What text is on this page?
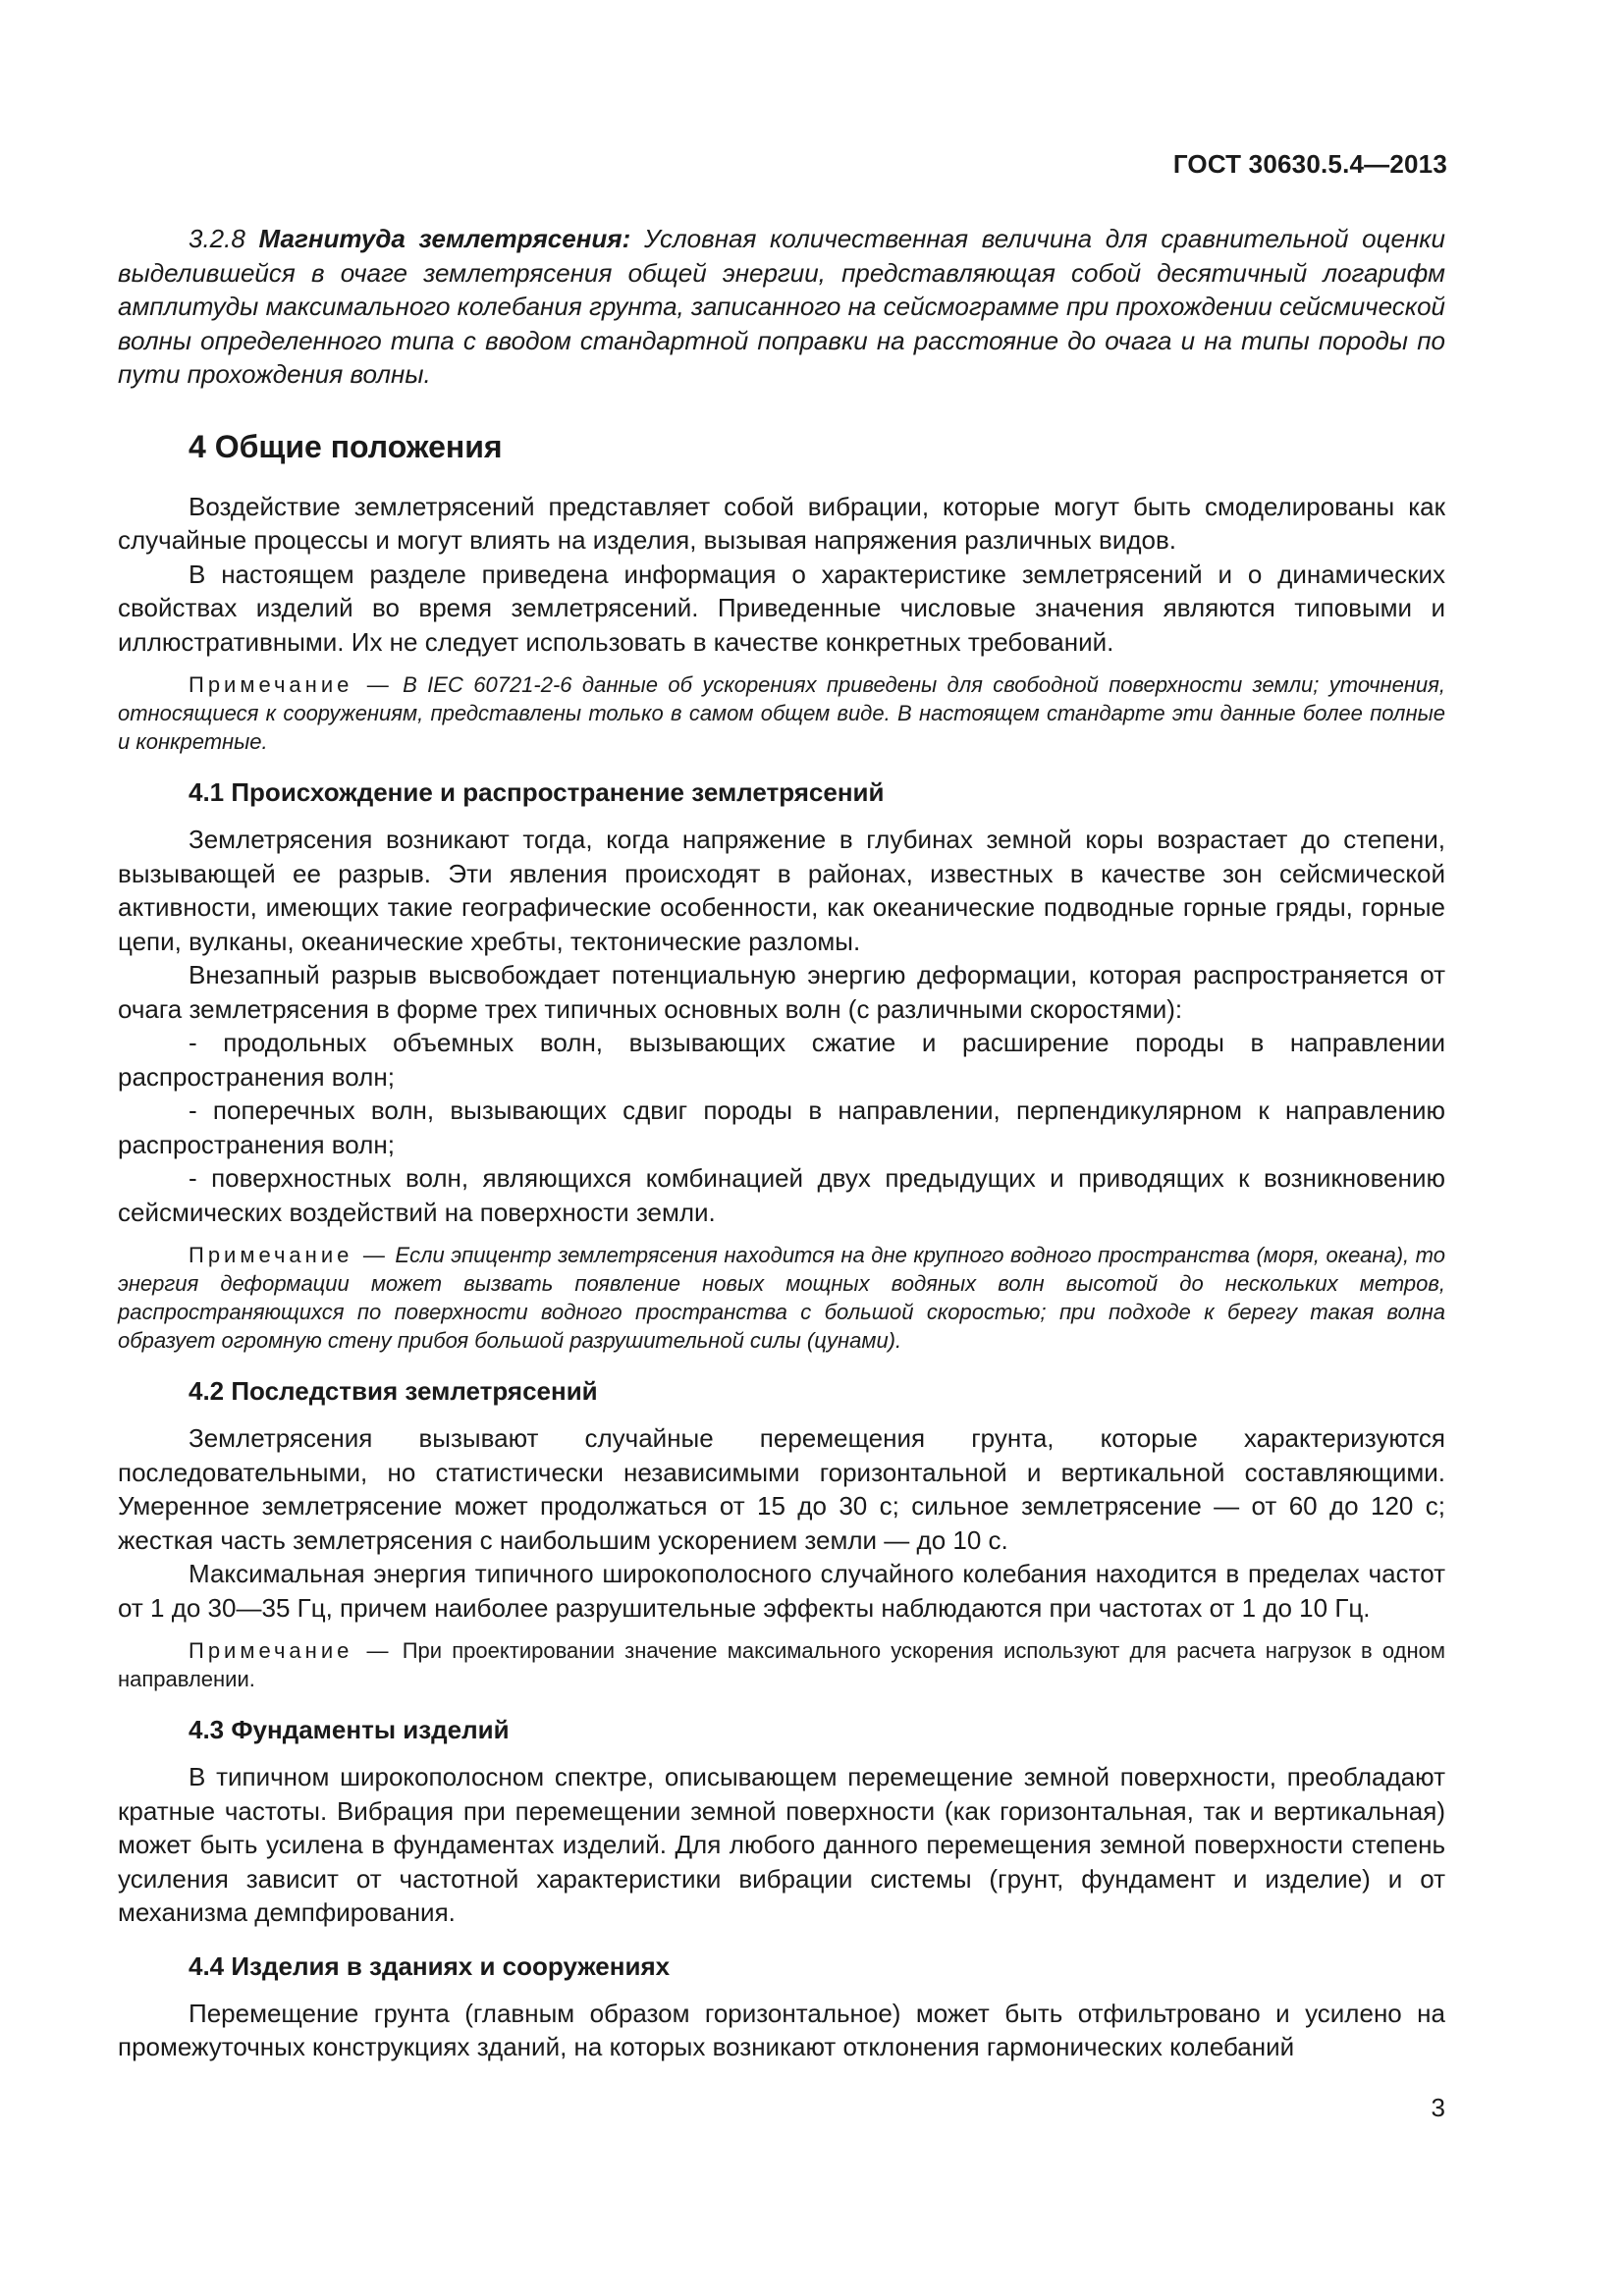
ГОСТ 30630.5.4—2013

3.2.8 Магнитуда землетрясения: Условная количественная величина для сравнительной оценки выделившейся в очаге землетрясения общей энергии, представляющая собой десятичный логарифм амплитуды максимального колебания грунта, записанного на сейсмограмме при прохождении сейсмической волны определенного типа с вводом стандартной поправки на расстояние до очага и на типы породы по пути прохождения волны.

4 Общие положения

Воздействие землетрясений представляет собой вибрации, которые могут быть смоделированы как случайные процессы и могут влиять на изделия, вызывая напряжения различных видов.

В настоящем разделе приведена информация о характеристике землетрясений и о динамических свойствах изделий во время землетрясений. Приведенные числовые значения являются типовыми и иллюстративными. Их не следует использовать в качестве конкретных требований.

Примечание — В IEC 60721-2-6 данные об ускорениях приведены для свободной поверхности земли; уточнения, относящиеся к сооружениям, представлены только в самом общем виде. В настоящем стандарте эти данные более полные и конкретные.

4.1 Происхождение и распространение землетрясений

Землетрясения возникают тогда, когда напряжение в глубинах земной коры возрастает до степени, вызывающей ее разрыв. Эти явления происходят в районах, известных в качестве зон сейсмической активности, имеющих такие географические особенности, как океанические подводные горные гряды, горные цепи, вулканы, океанические хребты, тектонические разломы.

Внезапный разрыв высвобождает потенциальную энергию деформации, которая распространяется от очага землетрясения в форме трех типичных основных волн (с различными скоростями):

- продольных объемных волн, вызывающих сжатие и расширение породы в направлении распространения волн;

- поперечных волн, вызывающих сдвиг породы в направлении, перпендикулярном к направлению распространения волн;

- поверхностных волн, являющихся комбинацией двух предыдущих и приводящих к возникновению сейсмических воздействий на поверхности земли.

Примечание — Если эпицентр землетрясения находится на дне крупного водного пространства (моря, океана), то энергия деформации может вызвать появление новых мощных водяных волн высотой до нескольких метров, распространяющихся по поверхности водного пространства с большой скоростью; при подходе к берегу такая волна образует огромную стену прибоя большой разрушительной силы (цунами).

4.2 Последствия землетрясений

Землетрясения вызывают случайные перемещения грунта, которые характеризуются последовательными, но статистически независимыми горизонтальной и вертикальной составляющими. Умеренное землетрясение может продолжаться от 15 до 30 с; сильное землетрясение — от 60 до 120 с; жесткая часть землетрясения с наибольшим ускорением земли — до 10 с.

Максимальная энергия типичного широкополосного случайного колебания находится в пределах частот от 1 до 30—35 Гц, причем наиболее разрушительные эффекты наблюдаются при частотах от 1 до 10 Гц.

Примечание — При проектировании значение максимального ускорения используют для расчета нагрузок в одном направлении.

4.3 Фундаменты изделий

В типичном широкополосном спектре, описывающем перемещение земной поверхности, преобладают кратные частоты. Вибрация при перемещении земной поверхности (как горизонтальная, так и вертикальная) может быть усилена в фундаментах изделий. Для любого данного перемещения земной поверхности степень усиления зависит от частотной характеристики вибрации системы (грунт, фундамент и изделие) и от механизма демпфирования.

4.4 Изделия в зданиях и сооружениях

Перемещение грунта (главным образом горизонтальное) может быть отфильтровано и усилено на промежуточных конструкциях зданий, на которых возникают отклонения гармонических колебаний

3
